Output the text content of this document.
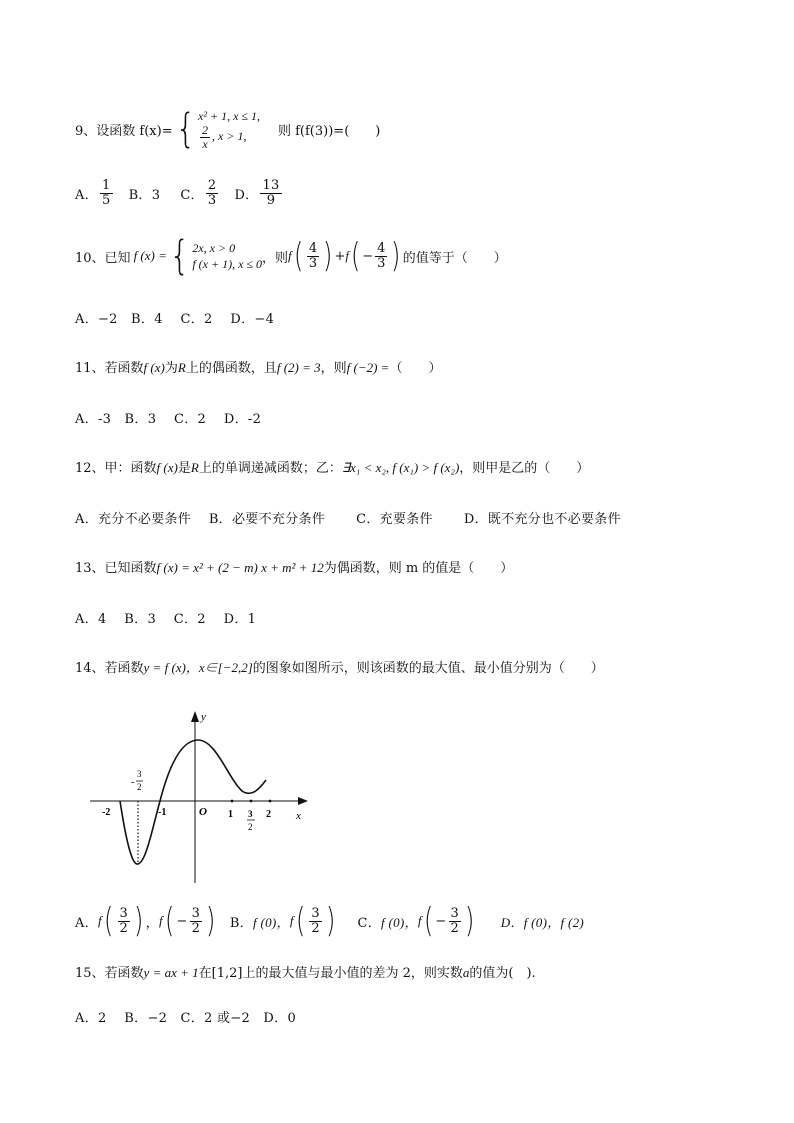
9、 设函数 f(x)= { x² + 1, x ≤ 1,
$\frac{2}{x}$ , x > 1,	则 f(f(3))=(　　)
A． $\frac{1}{5}$ B．3 C． $\frac{2}{3}$ D． $\frac{13}{9}$
10、 已知 f (x) = { 2x, x > 0
f (x + 1), x ≤ 0 ，则 f ( $\frac{4}{3}$ ) + f ( − $\frac{4}{3}$ ) 的值等于（　　）
A．−2　B．4　 C．2　 D．−4
11、若函数f (x)为R上的偶函数，且f (2) = 3，则f (−2) =（　　）
A．-3　B．3　 C．2　 D．-2
12、甲：函数f (x)是R上的单调递减函数；乙：∃x₁ < x₂, f (x₁) > f (x₂)，则甲是乙的（　　）
A．充分不必要条件　 B．必要不充分条件　　 C．充要条件　　 D．既不充分也不必要条件
13、已知函数f (x) = x² + (2 − m) x + m² + 12为偶函数，则 m 的值是（　　）
A．4　 B．3　 C．2　 D．1
14、若函数y = f (x)，x∈[−2,2]的图象如图所示，则该函数的最大值、最小值分别为（　　）
y
x
O
-2	-1	1	2
-
3
2
3
2
A． f ( $\frac{3}{2}$ ) ， f ( − $\frac{3}{2}$ ) B． f (0)， f ( $\frac{3}{2}$ ) C． f (0)， f ( − $\frac{3}{2}$ ) D．f (0)，f (2)
15、若函数y = ax + 1在[1,2]上的最大值与最小值的差为 2，则实数a的值为(　).
A．2　 B．−2　C．2 或−2　D．0
